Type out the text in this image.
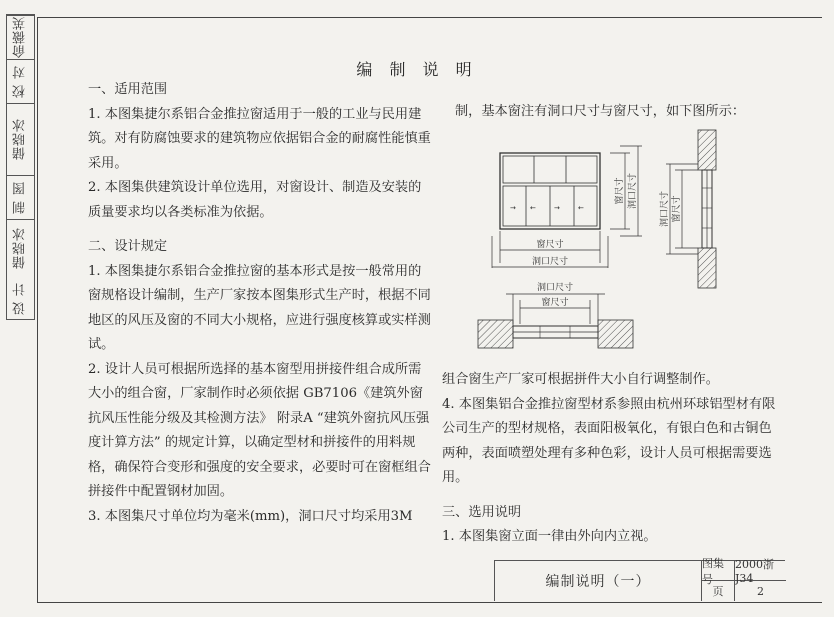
俞薇英
校 对
储晓冰
制 图
储晓冰
设 计
编 制 说 明
一、适用范围

1. 本图集捷尔系铝合金推拉窗适用于一般的工业与民用建筑。对有防腐蚀要求的建筑物应依据铝合金的耐腐性能慎重采用。

2. 本图集供建筑设计单位选用，对窗设计、制造及安装的质量要求均以各类标准为依据。

二、设计规定

1. 本图集捷尔系铝合金推拉窗的基本形式是按一般常用的窗规格设计编制，生产厂家按本图集形式生产时，根据不同地区的风压及窗的不同大小规格，应进行强度核算或实样测试。

2. 设计人员可根据所选择的基本窗型用拼接件组合成所需大小的组合窗，厂家制作时必须依据 GB7106《建筑外窗抗风压性能分级及其检测方法》 附录A “建筑外窗抗风压强度计算方法” 的规定计算，以确定型材和拼接件的用料规格，确保符合变形和强度的安全要求，必要时可在窗框组合拼接件中配置钢材加固。

3. 本图集尺寸单位均为毫米(mm)，洞口尺寸均采用3M

制，基本窗注有洞口尺寸与窗尺寸，如下图所示：
→ ←	→	←
窗尺寸
洞口尺寸
窗尺寸 洞口尺寸 洞口尺寸 窗尺寸
洞口尺寸
窗尺寸

组合窗生产厂家可根据拼件大小自行调整制作。

4. 本图集铝合金推拉窗型材系参照由杭州环球铝型材有限公司生产的型材规格，表面阳极氧化，有银白色和古铜色两种，表面喷塑处理有多种色彩，设计人员可根据需要选用。

三、选用说明

1. 本图集窗立面一律由外向内立视。

编制说明（一）
图集号
2000浙J34
页	2
